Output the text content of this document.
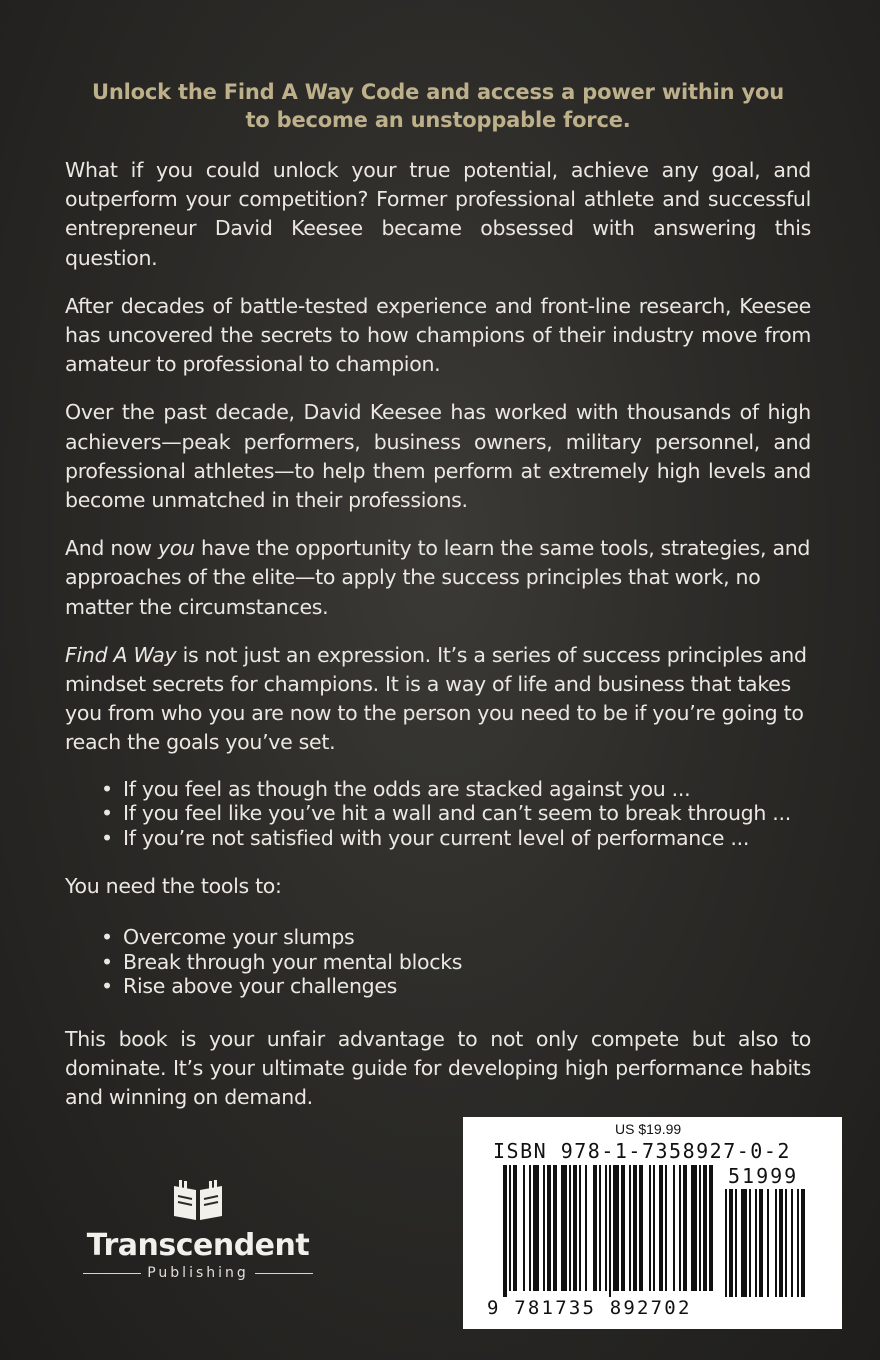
Unlock the Find A Way Code and access a power within you
to become an unstoppable force.

What if you could unlock your true potential, achieve any goal, and outperform your competition? Former professional athlete and successful entrepreneur David Keesee became obsessed with answering this question.

After decades of battle-tested experience and front-line research, Keesee has uncovered the secrets to how champions of their industry move from amateur to professional to champion.

Over the past decade, David Keesee has worked with thousands of high achievers—peak performers, business owners, military personnel, and professional athletes—to help them perform at extremely high levels and become unmatched in their professions.

And now you have the opportunity to learn the same tools, strategies, and approaches of the elite—to apply the success principles that work, no matter the circumstances.

Find A Way is not just an expression. It’s a series of success principles and mindset secrets for champions. It is a way of life and business that takes you from who you are now to the person you need to be if you’re going to reach the goals you’ve set.

• If you feel as though the odds are stacked against you ...
• If you feel like you’ve hit a wall and can’t seem to break through ...
• If you’re not satisfied with your current level of performance ...

You need the tools to:

• Overcome your slumps
• Break through your mental blocks
• Rise above your challenges

This book is your unfair advantage to not only compete but also to dominate. It’s your ultimate guide for developing high performance habits and winning on demand.

Transcendent
Publishing
US $19.99
ISBN 978-1-7358927-0-2
51999
9 781735 892702
